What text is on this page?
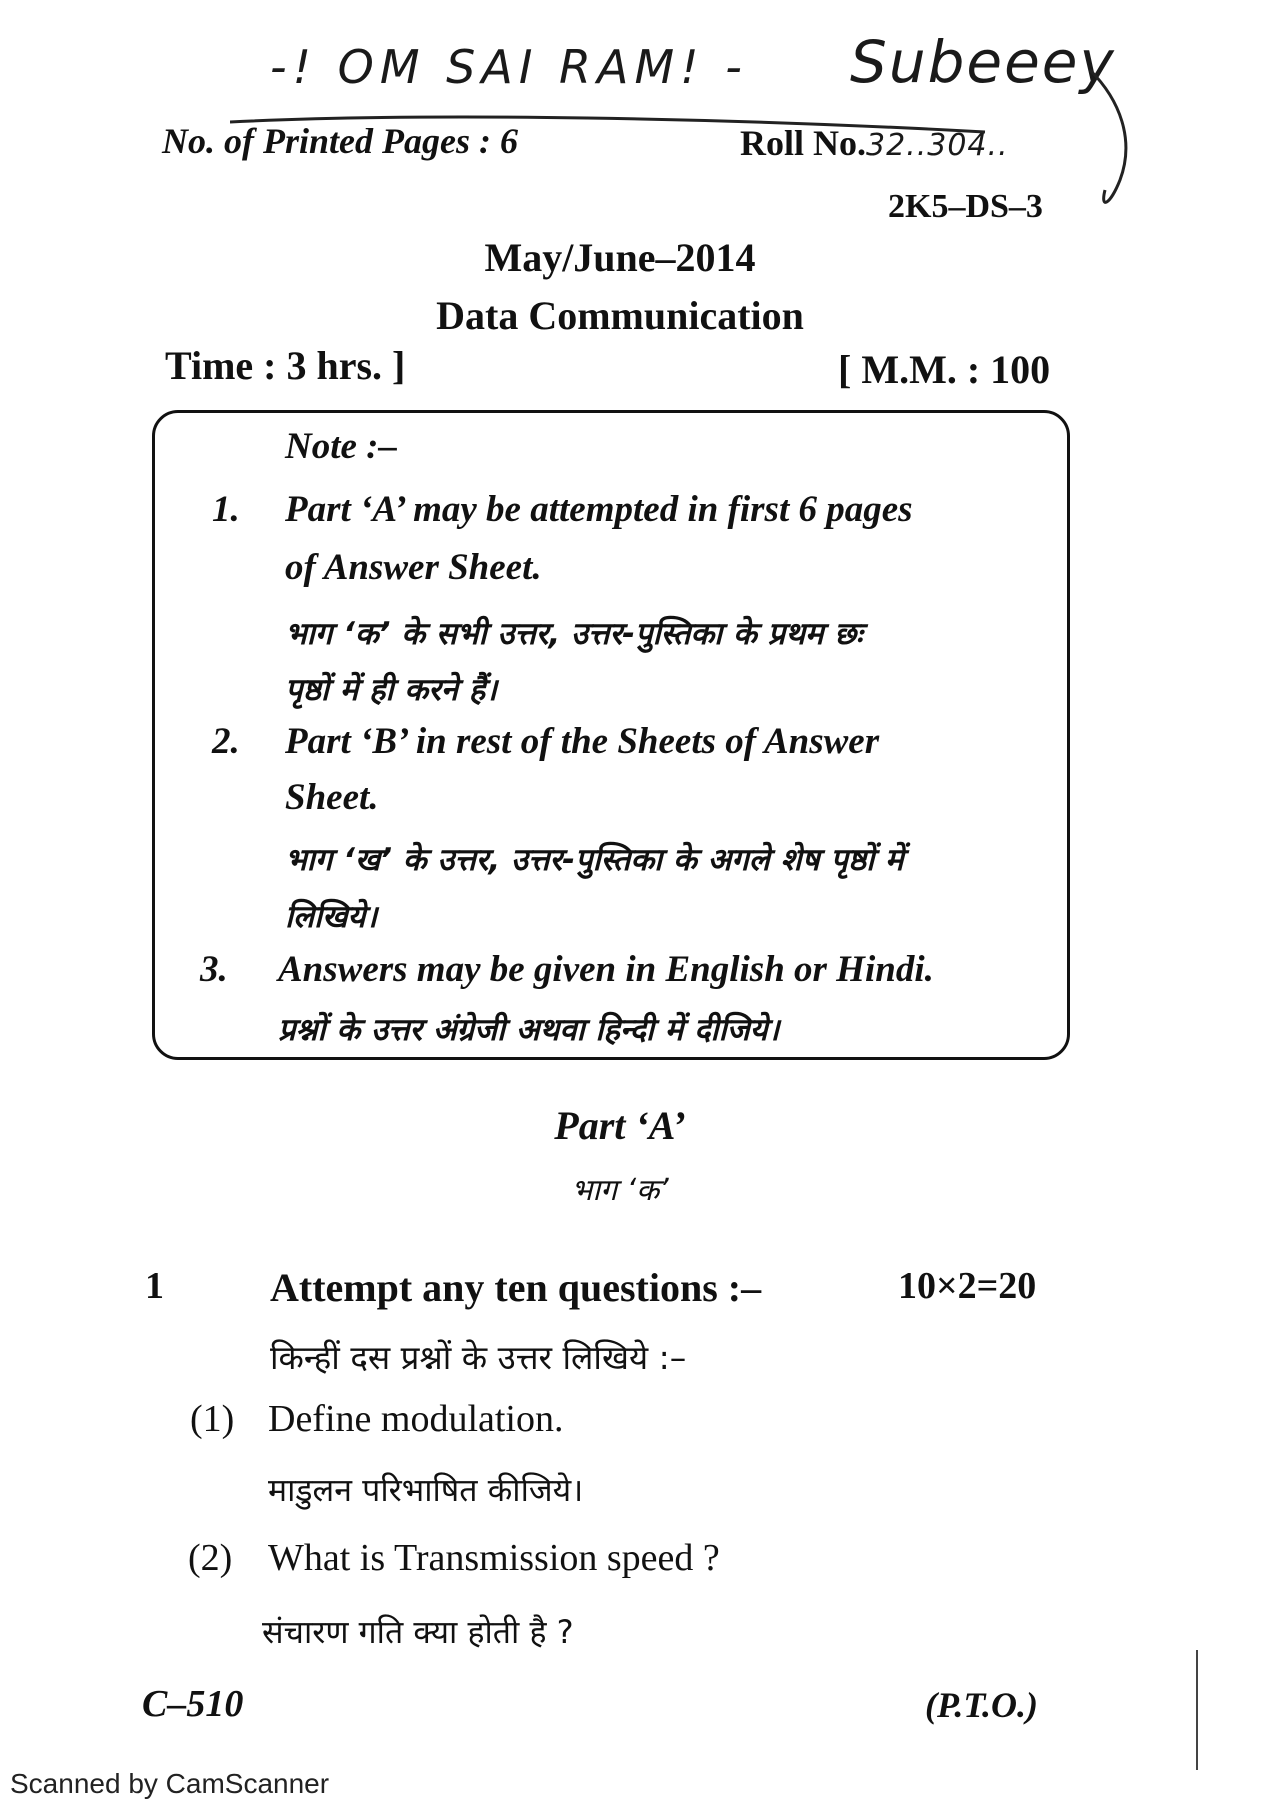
-! OM SAI RAM! - Subeeey
No. of Printed Pages : 6	Roll No.32..304..
2K5–DS–3
May/June–2014
Data Communication
Time : 3 hrs. ]	[ M.M. : 100
Note :–
1. Part ‘A’ may be attempted in first 6 pages
of Answer Sheet.
भाग ‘क’ के सभी उत्तर, उत्तर-पुस्तिका के प्रथम छः
पृष्ठों में ही करने हैं।
2. Part ‘B’ in rest of the Sheets of Answer
Sheet.
भाग ‘ख’ के उत्तर, उत्तर-पुस्तिका के अगले शेष पृष्ठों में
लिखिये।
3. Answers may be given in English or Hindi.
प्रश्नों के उत्तर अंग्रेजी अथवा हिन्दी में दीजिये।
Part ‘A’
भाग ‘क’
1	Attempt any ten questions :–	10×2=20
किन्हीं दस प्रश्नों के उत्तर लिखिये :–
(1) Define modulation.
माडुलन परिभाषित कीजिये।
(2) What is Transmission speed ?
संचारण गति क्या होती है ?
C–510	(P.T.O.)
Scanned by CamScanner
